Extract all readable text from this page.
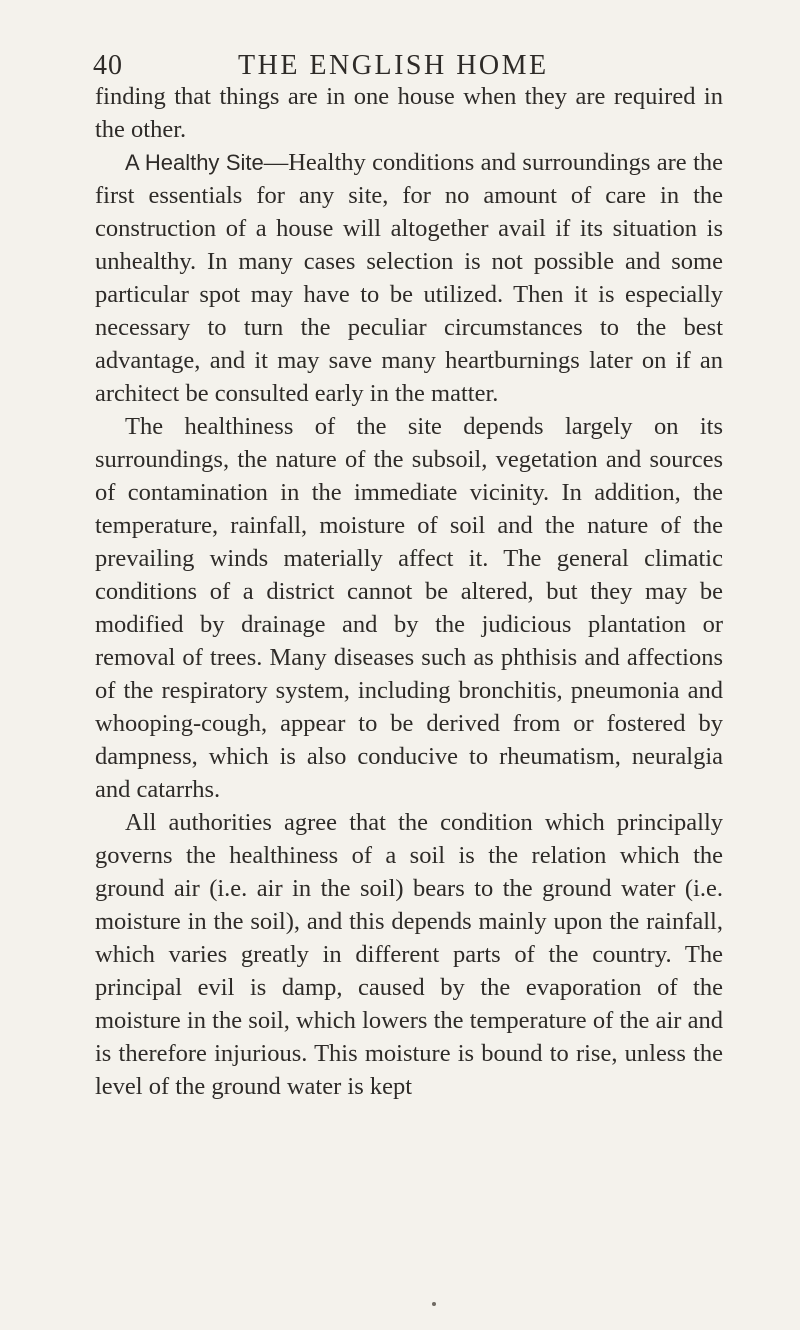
40	THE ENGLISH HOME

finding that things are in one house when they are required in the other.

A Healthy Site—Healthy conditions and surroundings are the first essentials for any site, for no amount of care in the construction of a house will altogether avail if its situation is unhealthy. In many cases selection is not possible and some particular spot may have to be utilized. Then it is especially necessary to turn the peculiar circumstances to the best advantage, and it may save many heartburnings later on if an architect be consulted early in the matter.

The healthiness of the site depends largely on its surroundings, the nature of the subsoil, vegetation and sources of contamination in the immediate vicinity. In addition, the temperature, rainfall, moisture of soil and the nature of the prevailing winds materially affect it. The general climatic conditions of a district cannot be altered, but they may be modified by drainage and by the judicious plantation or removal of trees. Many diseases such as phthisis and affections of the respiratory system, including bronchitis, pneumonia and whooping-cough, appear to be derived from or fostered by dampness, which is also conducive to rheumatism, neuralgia and catarrhs.

All authorities agree that the condition which principally governs the healthiness of a soil is the relation which the ground air (i.e. air in the soil) bears to the ground water (i.e. moisture in the soil), and this depends mainly upon the rainfall, which varies greatly in different parts of the country. The principal evil is damp, caused by the evaporation of the moisture in the soil, which lowers the temperature of the air and is therefore injurious. This moisture is bound to rise, unless the level of the ground water is kept
